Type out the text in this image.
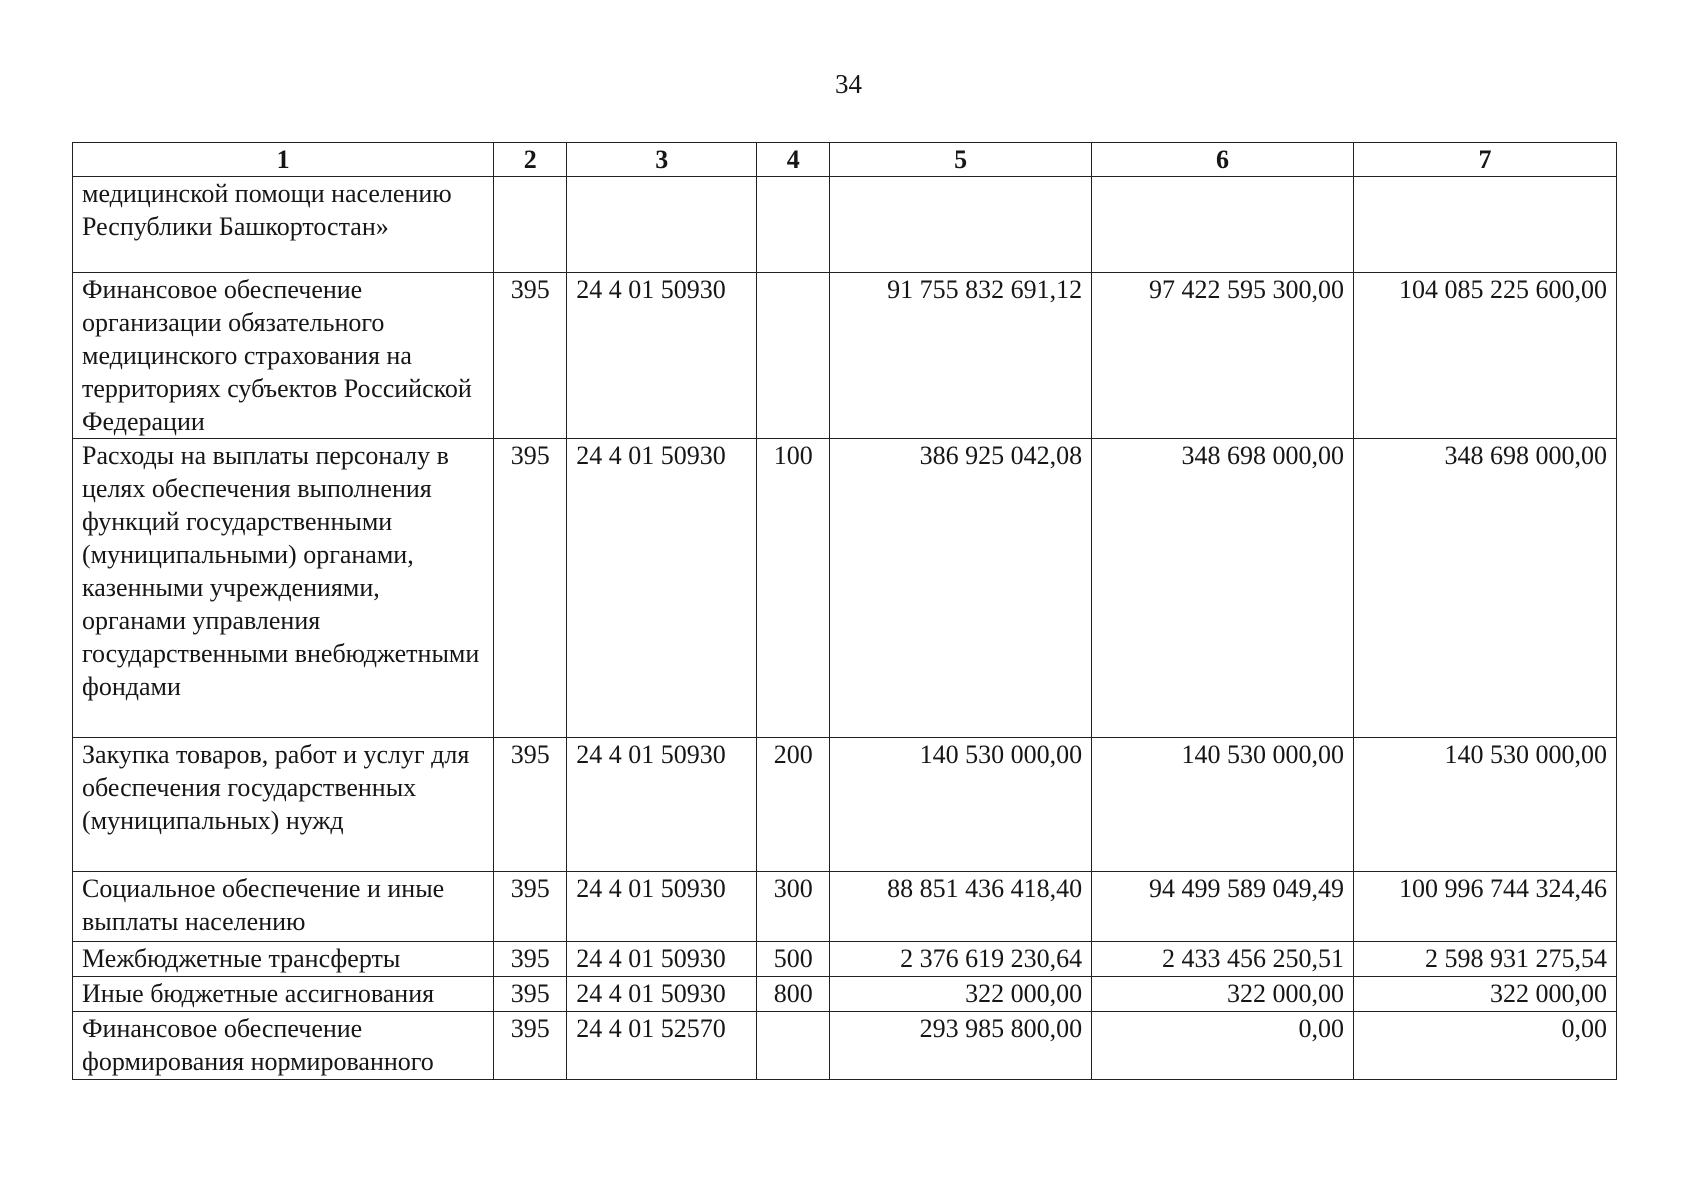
34
1	2	3	4	5	6	7
медицинской помощи населению Республики Башкортостан»						
Финансовое обеспечение организации обязательного медицинского страхования на территориях субъектов Российской Федерации	395	24 4 01 50930		91 755 832 691,12	97 422 595 300,00	104 085 225 600,00
Расходы на выплаты персоналу в целях обеспечения выполнения функций государственными (муниципальными) органами, казенными учреждениями, органами управления государственными внебюджетными фондами	395	24 4 01 50930	100	386 925 042,08	348 698 000,00	348 698 000,00
Закупка товаров, работ и услуг для обеспечения государственных (муниципальных) нужд	395	24 4 01 50930	200	140 530 000,00	140 530 000,00	140 530 000,00
Социальное обеспечение и иные выплаты населению	395	24 4 01 50930	300	88 851 436 418,40	94 499 589 049,49	100 996 744 324,46
Межбюджетные трансферты	395	24 4 01 50930	500	2 376 619 230,64	2 433 456 250,51	2 598 931 275,54
Иные бюджетные ассигнования	395	24 4 01 50930	800	322 000,00	322 000,00	322 000,00
Финансовое обеспечение формирования нормированного	395	24 4 01 52570		293 985 800,00	0,00	0,00
